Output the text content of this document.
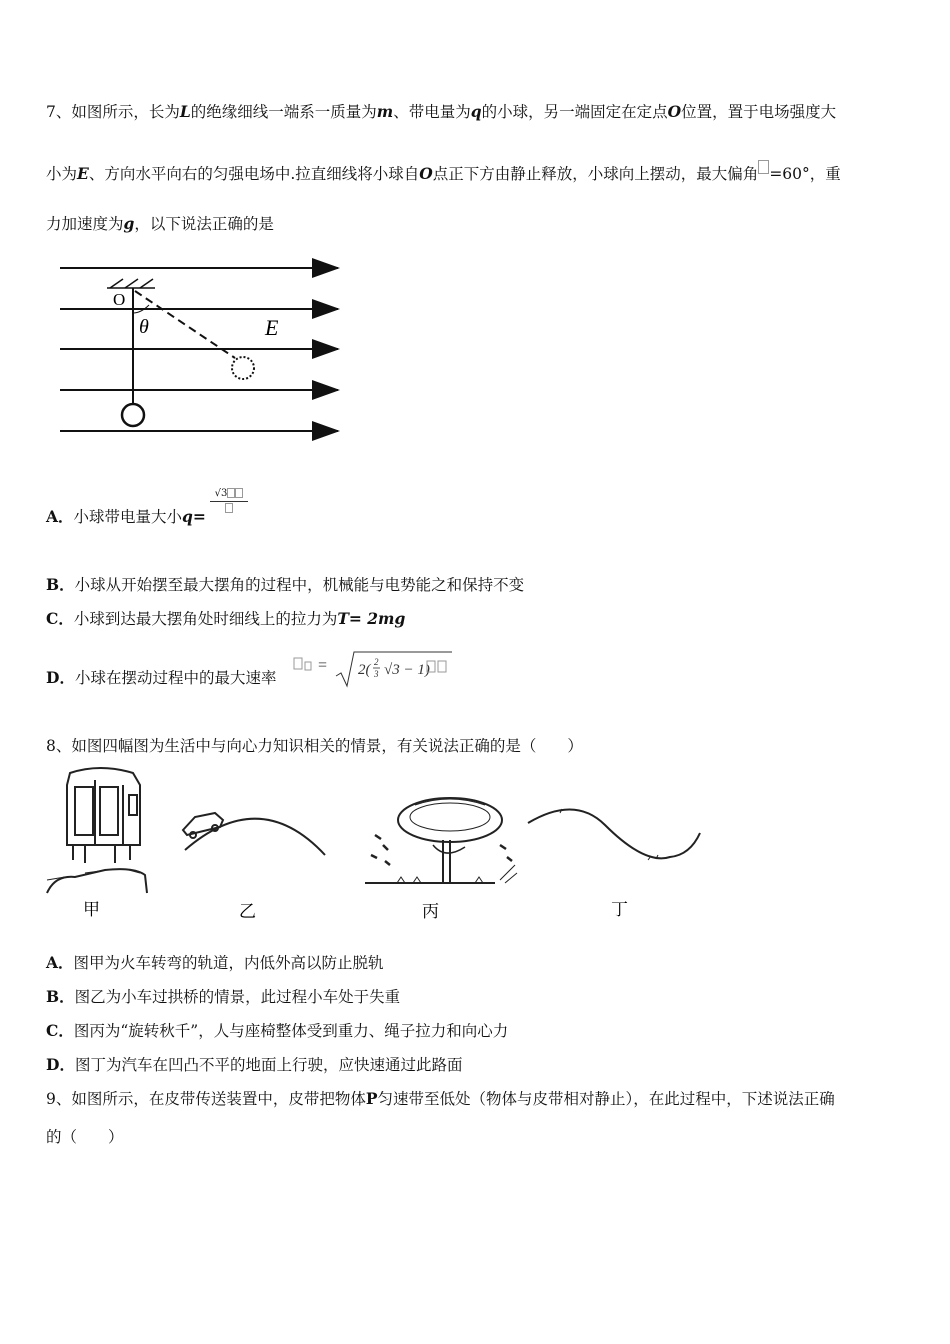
7、如图所示，长为L的绝缘细线一端系一质量为m、带电量为q的小球，另一端固定在定点O位置，置于电场强度大
小为E、方向水平向右的匀强电场中.拉直细线将小球自O点正下方由静止释放，小球向上摆动，最大偏角 =60°，重
力加速度为g，以下说法正确的是
O
θ	E
A．小球带电量大小q=
√3
B．小球从开始摆至最大摆角的过程中，机械能与电势能之和保持不变
C．小球到达最大摆角处时细线上的拉力为T= 2mg
D．小球在摆动过程中的最大速率
= 2( 2
3 √3 − 1)
8、如图四幅图为生活中与向心力知识相关的情景，有关说法正确的是（　　）
甲	乙	丙	丁
A．图甲为火车转弯的轨道，内低外高以防止脱轨
B．图乙为小车过拱桥的情景，此过程小车处于失重
C．图丙为“旋转秋千”，人与座椅整体受到重力、绳子拉力和向心力
D．图丁为汽车在凹凸不平的地面上行驶，应快速通过此路面
9、如图所示，在皮带传送装置中，皮带把物体P匀速带至低处（物体与皮带相对静止），在此过程中，下述说法正确
的（　　）
